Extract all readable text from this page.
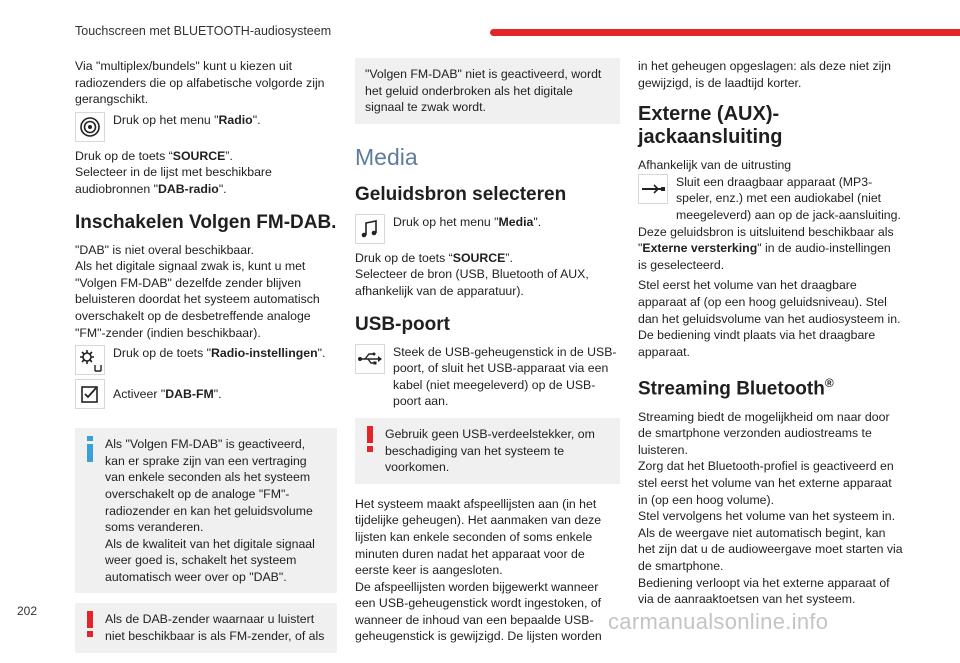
Touchscreen met BLUETOOTH-audiosysteem

Via "multiplex/bundels" kunt u kiezen uit radiozenders die op alfabetische volgorde zijn gerangschikt.

Druk op het menu "Radio".

Druk op de toets “SOURCE”.

Selecteer in de lijst met beschikbare audiobronnen "DAB-radio".

Inschakelen Volgen FM-DAB.

"DAB" is niet overal beschikbaar.
Als het digitale signaal zwak is, kunt u met "Volgen FM-DAB" dezelfde zender blijven beluisteren doordat het systeem automatisch overschakelt op de desbetreffende analoge "FM"-zender (indien beschikbaar).

Druk op de toets "Radio-instellingen".
Activeer "DAB-FM".

Als "Volgen FM-DAB" is geactiveerd, kan er sprake zijn van een vertraging van enkele seconden als het systeem overschakelt op de analoge "FM"-radiozender en kan het geluidsvolume soms veranderen.
Als de kwaliteit van het digitale signaal weer goed is, schakelt het systeem automatisch weer over op "DAB".

Als de DAB-zender waarnaar u luistert niet beschikbaar is als FM-zender, of als

"Volgen FM-DAB" niet is geactiveerd, wordt het geluid onderbroken als het digitale signaal te zwak wordt.

Media
Geluidsbron selecteren
Druk op het menu "Media".

Druk op de toets “SOURCE”.

Selecteer de bron (USB, Bluetooth of AUX, afhankelijk van de apparatuur).

USB-poort
Steek de USB-geheugenstick in de USB-poort, of sluit het USB-apparaat via een kabel (niet meegeleverd) op de USB-poort aan.

Gebruik geen USB-verdeelstekker, om beschadiging van het systeem te voorkomen.

Het systeem maakt afspeellijsten aan (in het tijdelijke geheugen). Het aanmaken van deze lijsten kan enkele seconden of soms enkele minuten duren nadat het apparaat voor de eerste keer is aangesloten.
De afspeellijsten worden bijgewerkt wanneer een USB-geheugenstick wordt ingestoken, of wanneer de inhoud van een bepaalde USB-geheugenstick is gewijzigd. De lijsten worden

in het geheugen opgeslagen: als deze niet zijn gewijzigd, is de laadtijd korter.

Externe (AUX)-jackaansluiting

Afhankelijk van de uitrusting

Sluit een draagbaar apparaat (MP3-speler, enz.) met een audiokabel (niet meegeleverd) aan op de jack-aansluiting.

Deze geluidsbron is uitsluitend beschikbaar als "Externe versterking" in de audio-instellingen is geselecteerd.

Stel eerst het volume van het draagbare apparaat af (op een hoog geluidsniveau). Stel dan het geluidsvolume van het audiosysteem in.
De bediening vindt plaats via het draagbare apparaat.

Streaming Bluetooth®

Streaming biedt de mogelijkheid om naar door de smartphone verzonden audiostreams te luisteren.
Zorg dat het Bluetooth-profiel is geactiveerd en stel eerst het volume van het externe apparaat in (op een hoog volume).
Stel vervolgens het volume van het systeem in.
Als de weergave niet automatisch begint, kan het zijn dat u de audioweergave moet starten via de smartphone.
Bediening verloopt via het externe apparaat of via de aanraaktoetsen van het systeem.

202	carmanualsonline.info
